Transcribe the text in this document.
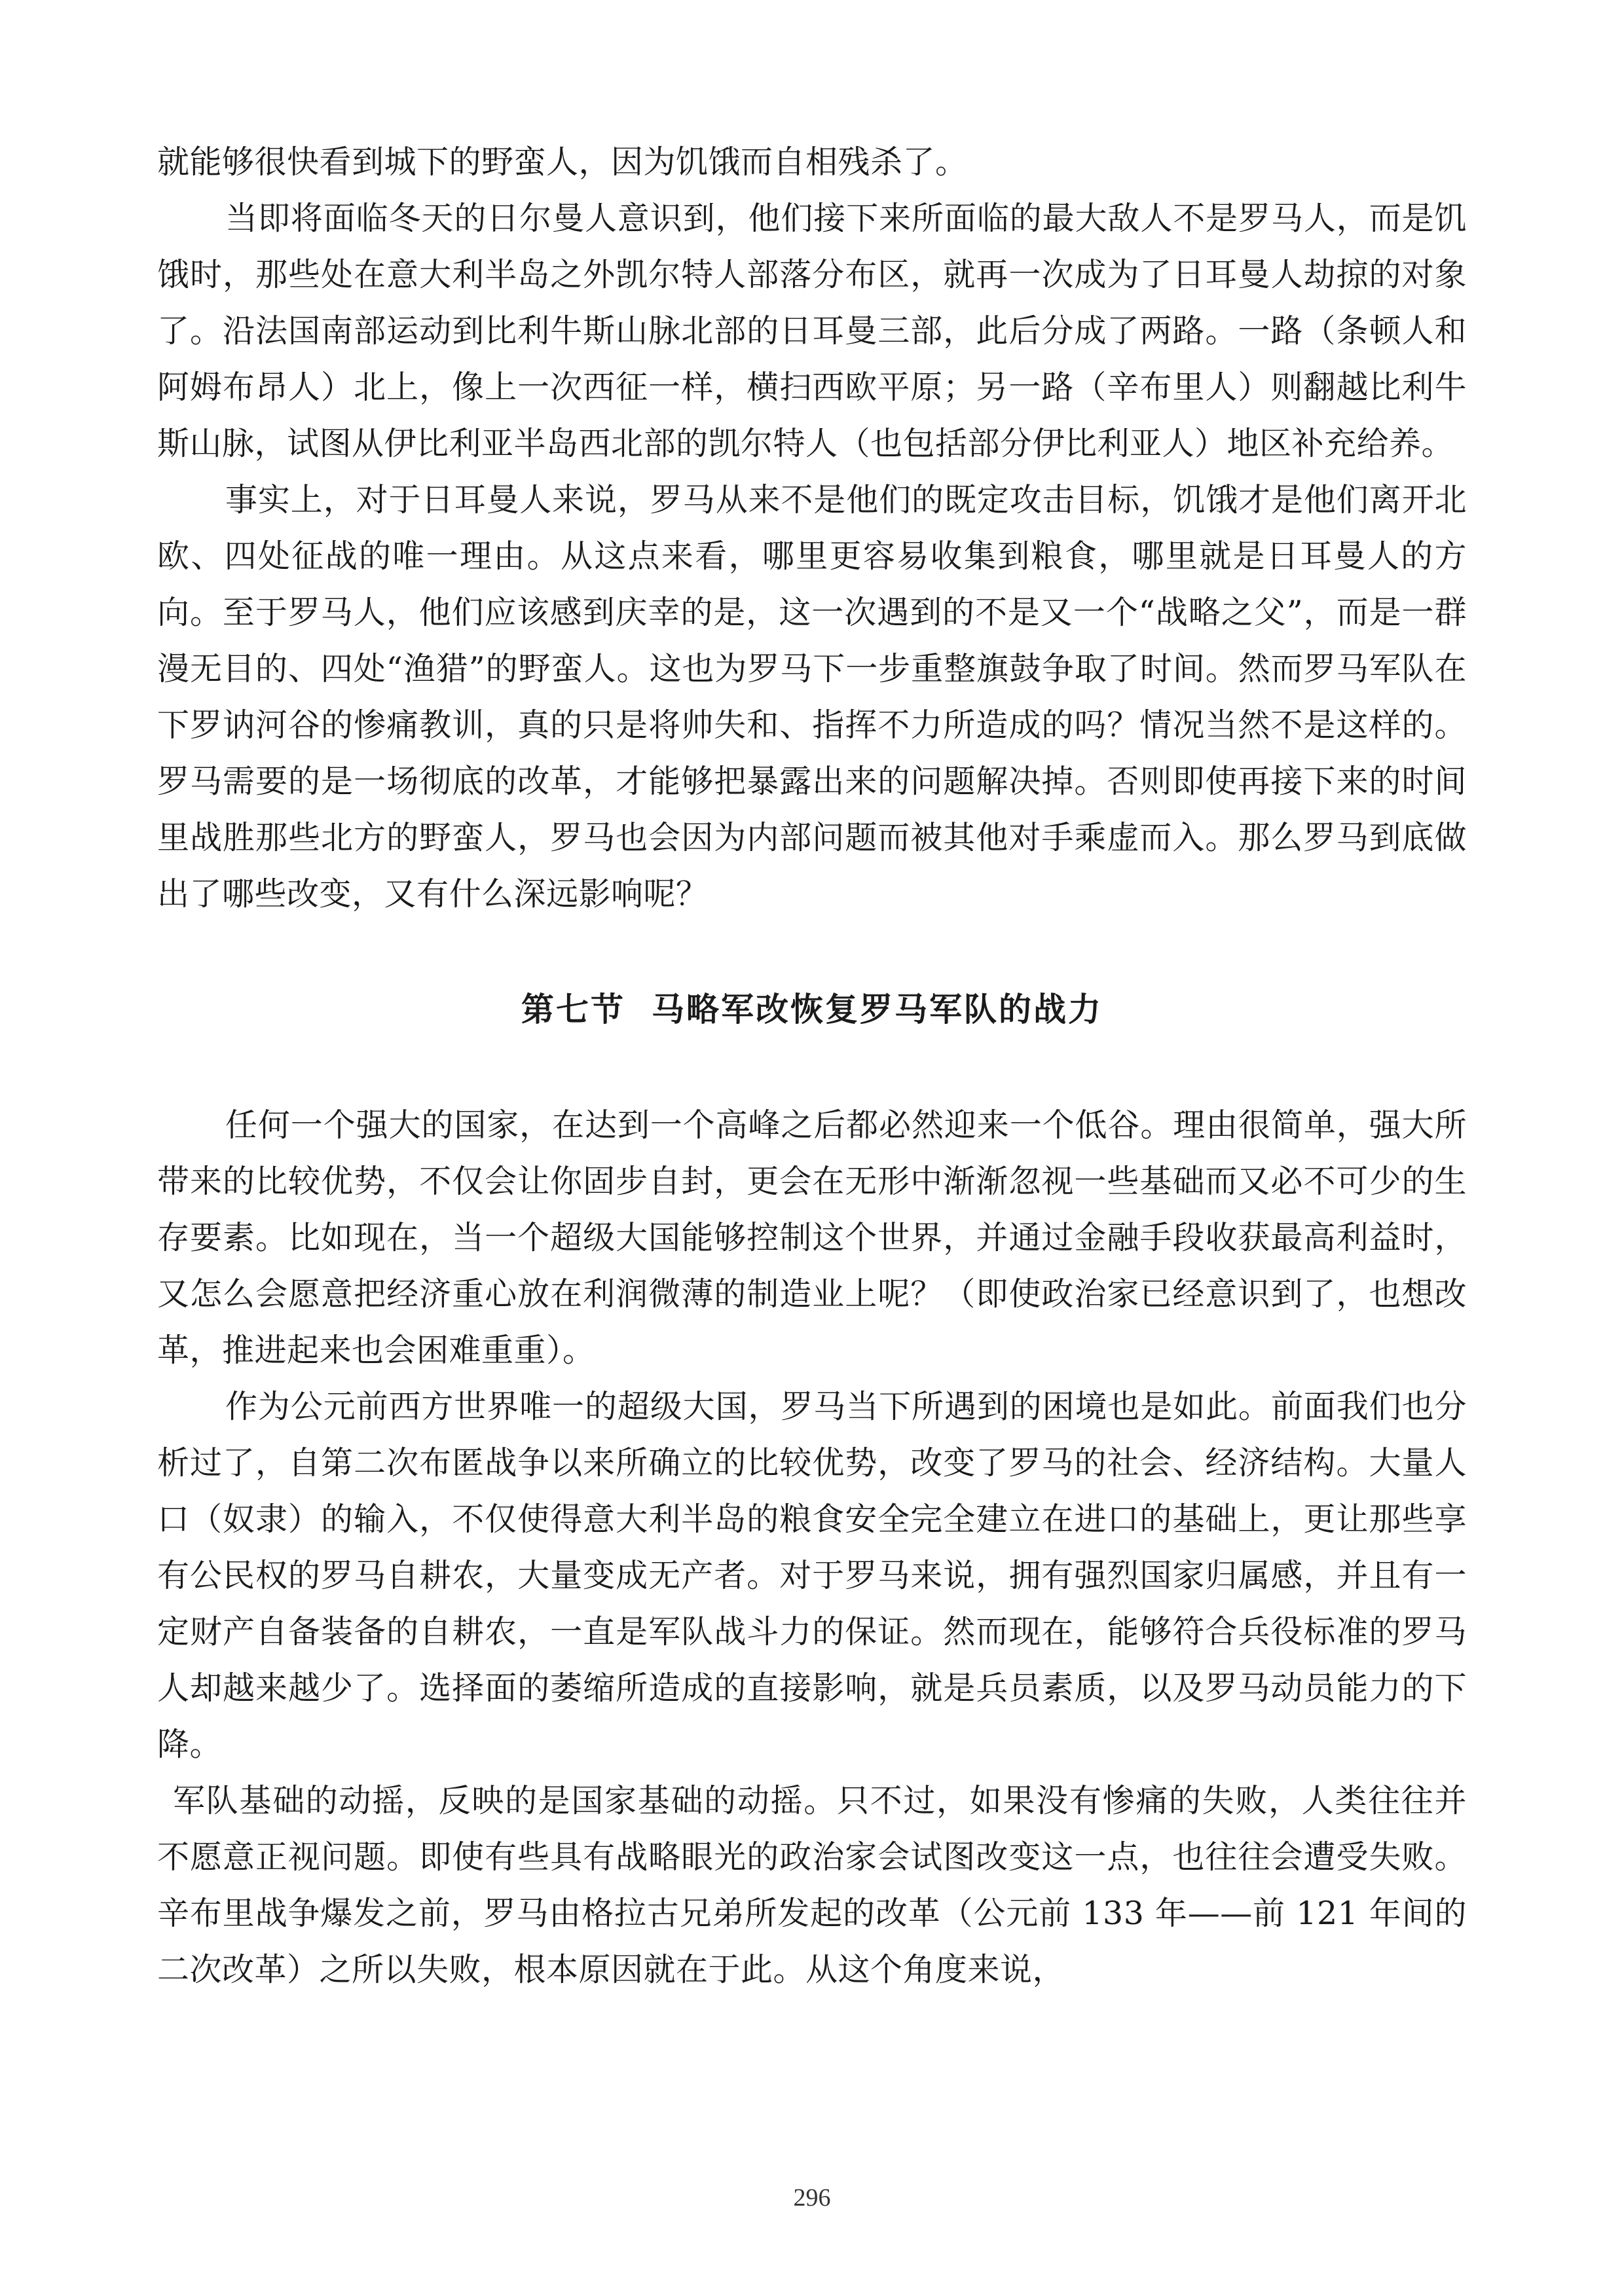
就能够很快看到城下的野蛮人，因为饥饿而自相残杀了。

当即将面临冬天的日尔曼人意识到，他们接下来所面临的最大敌人不是罗马人，而是饥饿时，那些处在意大利半岛之外凯尔特人部落分布区，就再一次成为了日耳曼人劫掠的对象了。沿法国南部运动到比利牛斯山脉北部的日耳曼三部，此后分成了两路。一路（条顿人和阿姆布昂人）北上，像上一次西征一样，横扫西欧平原；另一路（辛布里人）则翻越比利牛斯山脉，试图从伊比利亚半岛西北部的凯尔特人（也包括部分伊比利亚人）地区补充给养。

事实上，对于日耳曼人来说，罗马从来不是他们的既定攻击目标，饥饿才是他们离开北欧、四处征战的唯一理由。从这点来看，哪里更容易收集到粮食，哪里就是日耳曼人的方向。至于罗马人，他们应该感到庆幸的是，这一次遇到的不是又一个“战略之父”，而是一群漫无目的、四处“渔猎”的野蛮人。这也为罗马下一步重整旗鼓争取了时间。然而罗马军队在下罗讷河谷的惨痛教训，真的只是将帅失和、指挥不力所造成的吗？情况当然不是这样的。罗马需要的是一场彻底的改革，才能够把暴露出来的问题解决掉。否则即使再接下来的时间里战胜那些北方的野蛮人，罗马也会因为内部问题而被其他对手乘虚而入。那么罗马到底做出了哪些改变，又有什么深远影响呢？

第七节 马略军改恢复罗马军队的战力

任何一个强大的国家，在达到一个高峰之后都必然迎来一个低谷。理由很简单，强大所带来的比较优势，不仅会让你固步自封，更会在无形中渐渐忽视一些基础而又必不可少的生存要素。比如现在，当一个超级大国能够控制这个世界，并通过金融手段收获最高利益时，又怎么会愿意把经济重心放在利润微薄的制造业上呢？（即使政治家已经意识到了，也想改革，推进起来也会困难重重）。

作为公元前西方世界唯一的超级大国，罗马当下所遇到的困境也是如此。前面我们也分析过了，自第二次布匿战争以来所确立的比较优势，改变了罗马的社会、经济结构。大量人口（奴隶）的输入，不仅使得意大利半岛的粮食安全完全建立在进口的基础上，更让那些享有公民权的罗马自耕农，大量变成无产者。对于罗马来说，拥有强烈国家归属感，并且有一定财产自备装备的自耕农，一直是军队战斗力的保证。然而现在，能够符合兵役标准的罗马人却越来越少了。选择面的萎缩所造成的直接影响，就是兵员素质，以及罗马动员能力的下降。

军队基础的动摇，反映的是国家基础的动摇。只不过，如果没有惨痛的失败，人类往往并不愿意正视问题。即使有些具有战略眼光的政治家会试图改变这一点，也往往会遭受失败。辛布里战争爆发之前，罗马由格拉古兄弟所发起的改革（公元前 133 年——前 121 年间的二次改革）之所以失败，根本原因就在于此。从这个角度来说，

296
